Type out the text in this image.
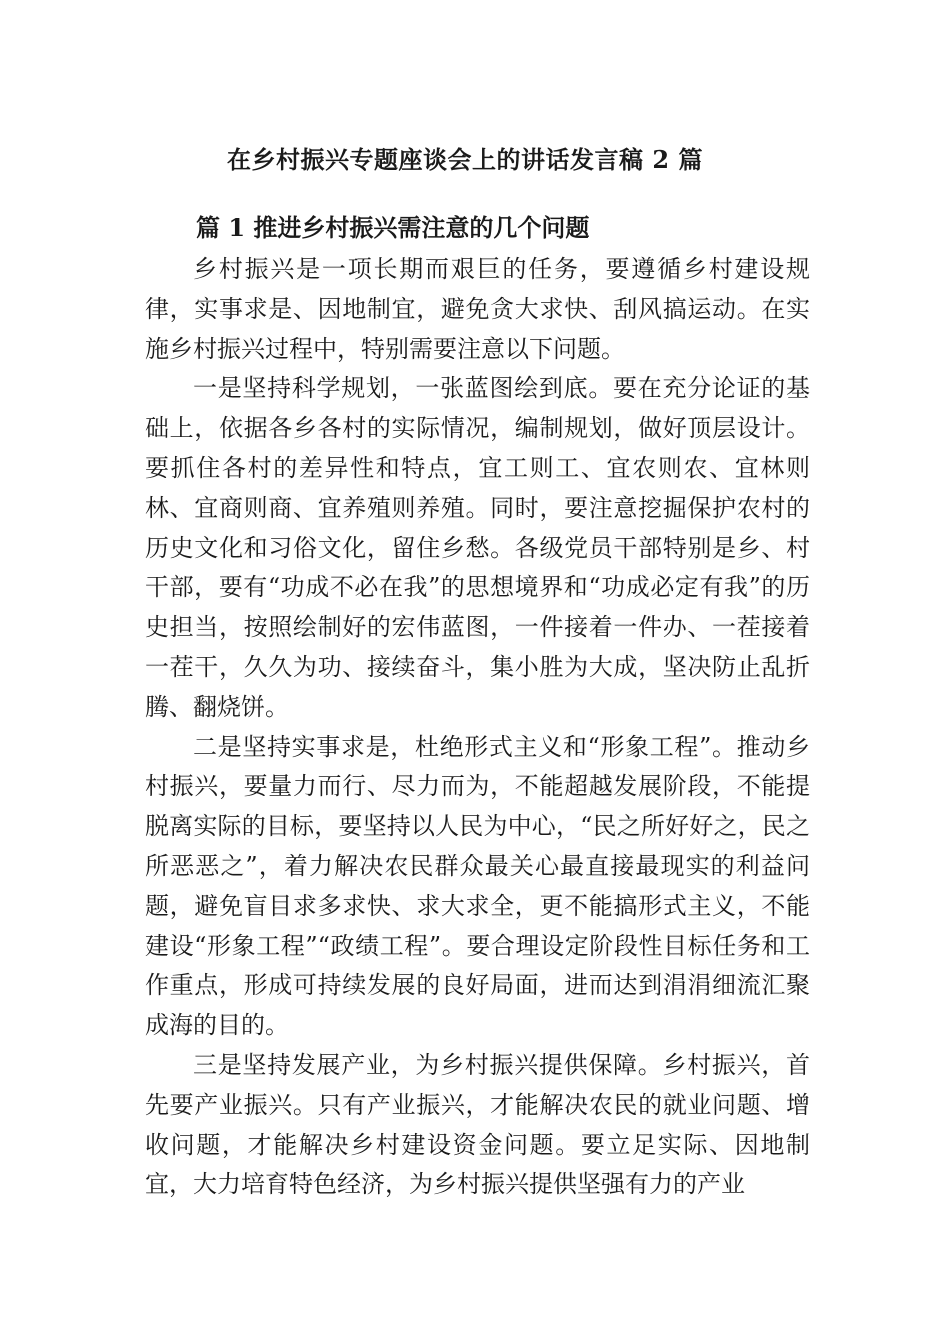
在乡村振兴专题座谈会上的讲话发言稿 2 篇
篇 1 推进乡村振兴需注意的几个问题

乡村振兴是一项长期而艰巨的任务，要遵循乡村建设规律，实事求是、因地制宜，避免贪大求快、刮风搞运动。在实施乡村振兴过程中，特别需要注意以下问题。

一是坚持科学规划，一张蓝图绘到底。要在充分论证的基础上，依据各乡各村的实际情况，编制规划，做好顶层设计。要抓住各村的差异性和特点，宜工则工、宜农则农、宜林则林、宜商则商、宜养殖则养殖。同时，要注意挖掘保护农村的历史文化和习俗文化，留住乡愁。各级党员干部特别是乡、村干部，要有“功成不必在我”的思想境界和“功成必定有我”的历史担当，按照绘制好的宏伟蓝图，一件接着一件办、一茬接着一茬干，久久为功、接续奋斗，集小胜为大成，坚决防止乱折腾、翻烧饼。

二是坚持实事求是，杜绝形式主义和“形象工程”。推动乡村振兴，要量力而行、尽力而为，不能超越发展阶段，不能提脱离实际的目标，要坚持以人民为中心，“民之所好好之，民之所恶恶之”，着力解决农民群众最关心最直接最现实的利益问题，避免盲目求多求快、求大求全，更不能搞形式主义，不能建设“形象工程”“政绩工程”。要合理设定阶段性目标任务和工作重点，形成可持续发展的良好局面，进而达到涓涓细流汇聚成海的目的。

三是坚持发展产业，为乡村振兴提供保障。乡村振兴，首先要产业振兴。只有产业振兴，才能解决农民的就业问题、增收问题，才能解决乡村建设资金问题。要立足实际、因地制宜，大力培育特色经济，为乡村振兴提供坚强有力的产业
